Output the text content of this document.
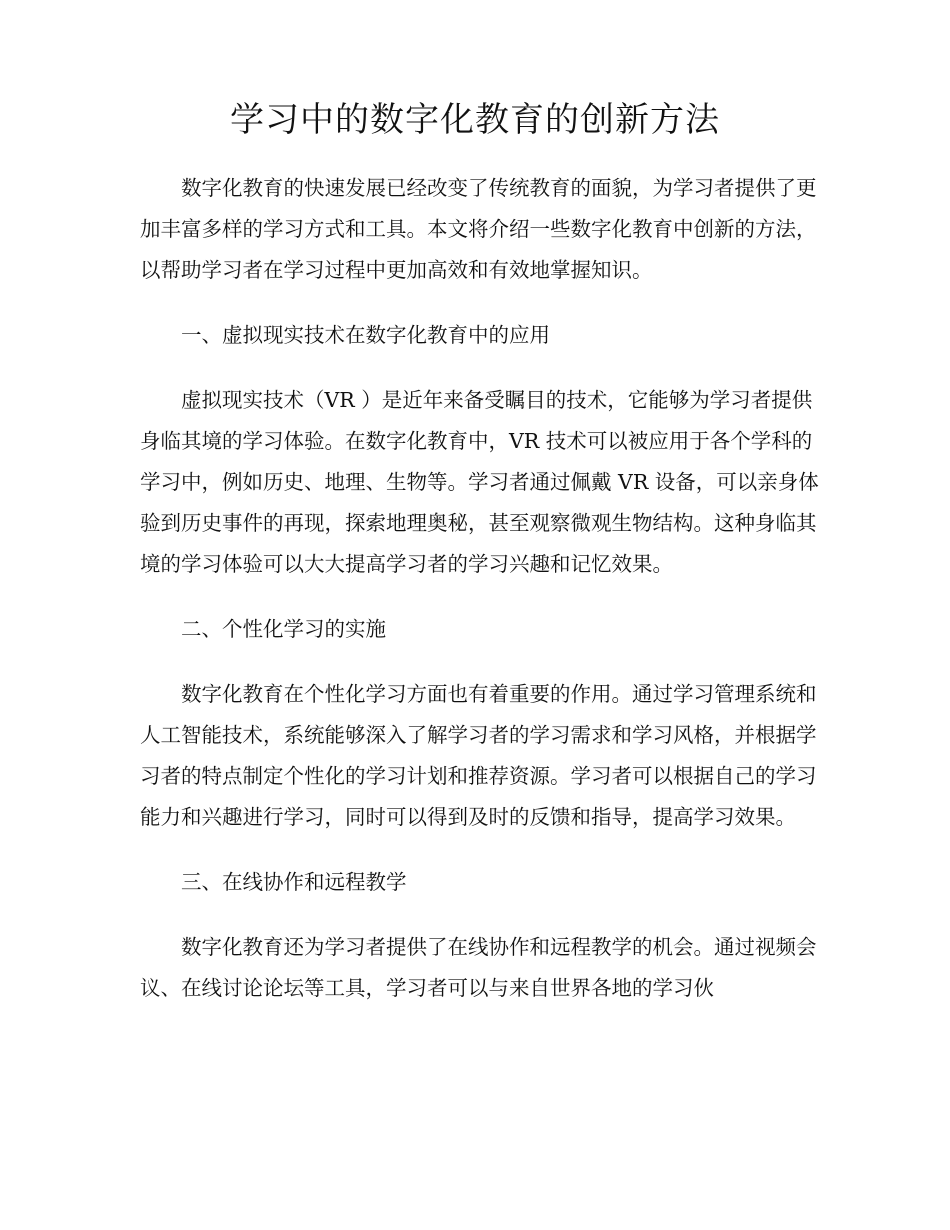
学习中的数字化教育的创新方法

数字化教育的快速发展已经改变了传统教育的面貌，为学习者提供了更加丰富多样的学习方式和工具。本文将介绍一些数字化教育中创新的方法，以帮助学习者在学习过程中更加高效和有效地掌握知识。

一、虚拟现实技术在数字化教育中的应用

虚拟现实技术（VR ）是近年来备受瞩目的技术，它能够为学习者提供身临其境的学习体验。在数字化教育中，VR 技术可以被应用于各个学科的学习中，例如历史、地理、生物等。学习者通过佩戴 VR 设备，可以亲身体验到历史事件的再现，探索地理奥秘，甚至观察微观生物结构。这种身临其境的学习体验可以大大提高学习者的学习兴趣和记忆效果。

二、个性化学习的实施

数字化教育在个性化学习方面也有着重要的作用。通过学习管理系统和人工智能技术，系统能够深入了解学习者的学习需求和学习风格，并根据学习者的特点制定个性化的学习计划和推荐资源。学习者可以根据自己的学习能力和兴趣进行学习，同时可以得到及时的反馈和指导，提高学习效果。

三、在线协作和远程教学

数字化教育还为学习者提供了在线协作和远程教学的机会。通过视频会议、在线讨论论坛等工具，学习者可以与来自世界各地的学习伙
